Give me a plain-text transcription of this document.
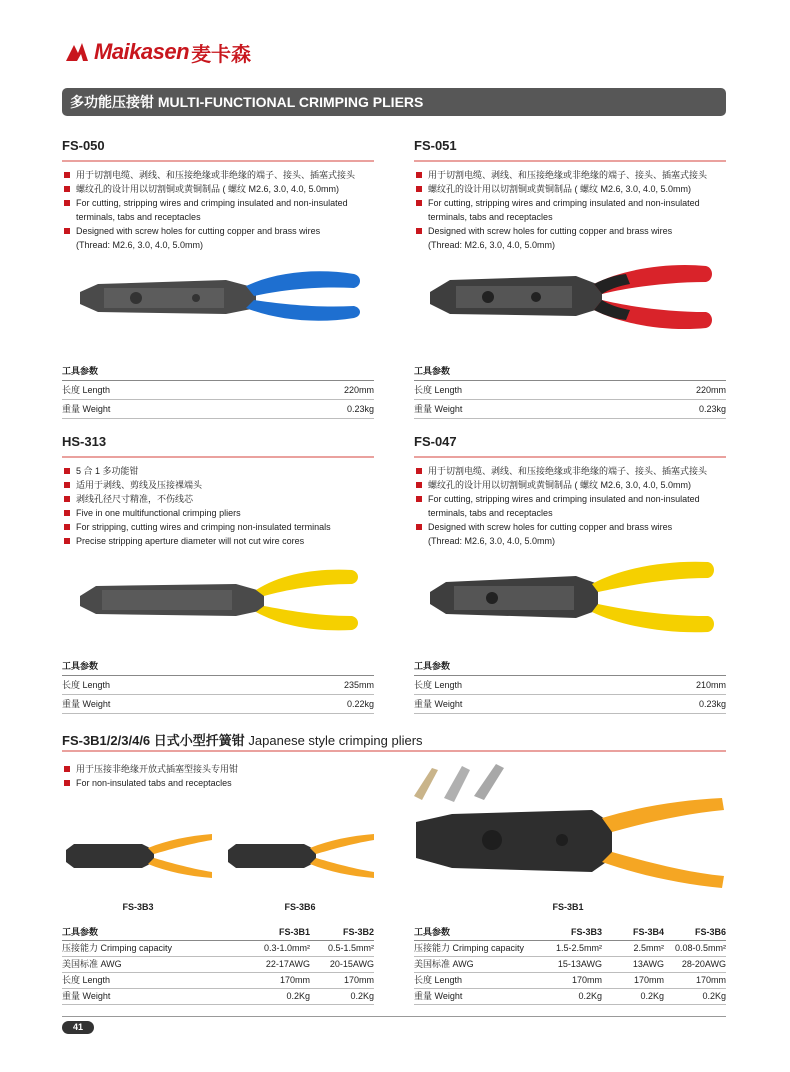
Maikasen 麦卡森
多功能压接钳 MULTI-FUNCTIONAL CRIMPING PLIERS
FS-050
用于切割电缆、剥线、和压接绝缘或非绝缘的端子、接头、插塞式接头
螺纹孔的设计用以切割铜或黄铜制品 ( 螺纹 M2.6, 3.0, 4.0, 5.0mm)
For cutting, stripping wires and crimping insulated and non-insulated
terminals, tabs and receptacles
Designed with screw holes for cutting copper and brass wires
(Thread: M2.6, 3.0, 4.0, 5.0mm)
FS-051
用于切割电缆、剥线、和压接绝缘或非绝缘的端子、接头、插塞式接头
螺纹孔的设计用以切割铜或黄铜制品 ( 螺纹 M2.6, 3.0, 4.0, 5.0mm)
For cutting, stripping wires and crimping insulated and non-insulated
terminals, tabs and receptacles
Designed with screw holes for cutting copper and brass wires
(Thread: M2.6, 3.0, 4.0, 5.0mm)
HS-313
5 合 1 多功能钳
适用于剥线、剪线及压接裸端头
剥线孔径尺寸精准，不伤线芯
Five in one multifunctional crimping pliers
For stripping, cutting wires and crimping non-insulated terminals
Precise stripping aperture diameter will not cut wire cores
FS-047
用于切割电缆、剥线、和压接绝缘或非绝缘的端子、接头、插塞式接头
螺纹孔的设计用以切割铜或黄铜制品 ( 螺纹 M2.6, 3.0, 4.0, 5.0mm)
For cutting, stripping wires and crimping insulated and non-insulated
terminals, tabs and receptacles
Designed with screw holes for cutting copper and brass wires
(Thread: M2.6, 3.0, 4.0, 5.0mm)
工具参数
长度 Length	220mm
重量 Weight	0.23kg
工具参数
长度 Length	220mm
重量 Weight	0.23kg
工具参数
长度 Length	235mm
重量 Weight	0.22kg
工具参数
长度 Length	210mm
重量 Weight	0.23kg
FS-3B1/2/3/4/6 日式小型扦簧钳 Japanese style crimping pliers
用于压接非绝缘开放式插塞型接头专用钳
For non-insulated tabs and receptacles
FS-3B3	FS-3B6	FS-3B1
工具参数	FS-3B1	FS-3B2
压接能力 Crimping capacity	0.3-1.0mm²	0.5-1.5mm²
美国标准 AWG	22-17AWG	20-15AWG
长度 Length	170mm	170mm
重量 Weight	0.2Kg	0.2Kg
工具参数	FS-3B3	FS-3B4	FS-3B6
压接能力 Crimping capacity	1.5-2.5mm²	2.5mm²	0.08-0.5mm²
美国标准 AWG	15-13AWG	13AWG	28-20AWG
长度 Length	170mm	170mm	170mm
重量 Weight	0.2Kg	0.2Kg	0.2Kg
41
